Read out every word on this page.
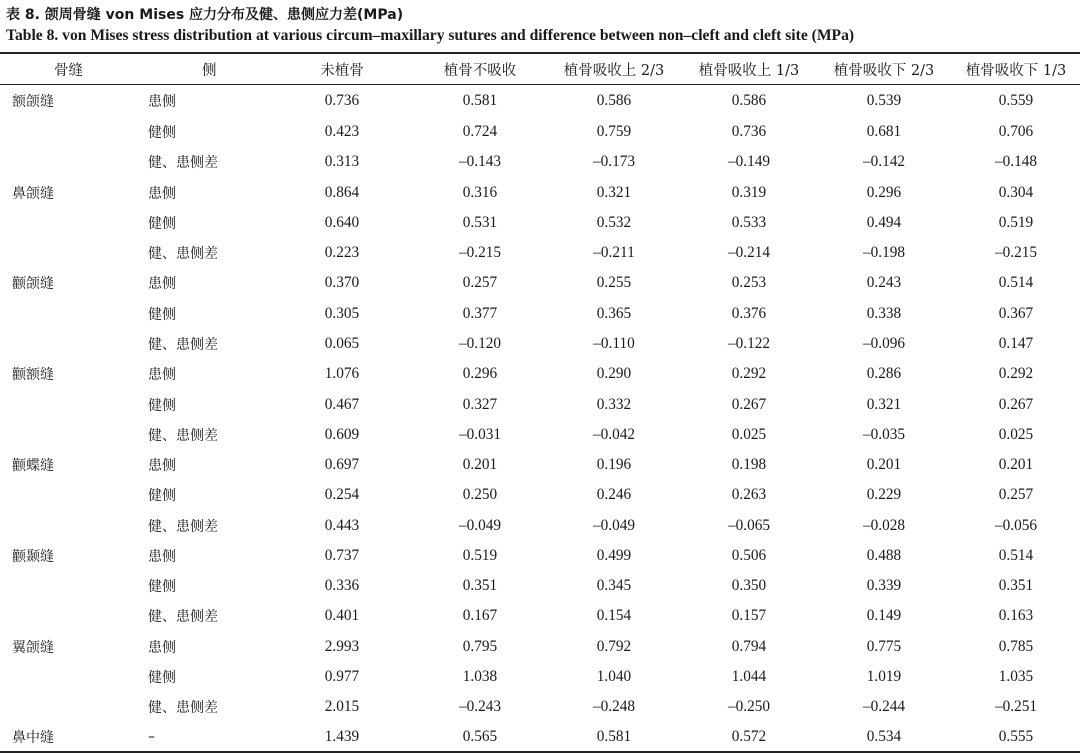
表 8. 颌周骨缝 von Mises 应力分布及健、患侧应力差(MPa)
Table 8. von Mises stress distribution at various circum–maxillary sutures and difference between non–cleft and cleft site (MPa)
骨缝	侧	未植骨	植骨不吸收	植骨吸收上 2/3	植骨吸收上 1/3	植骨吸收下 2/3	植骨吸收下 1/3
额颌缝	患侧	0.736	0.581	0.586	0.586	0.539	0.559
	健侧	0.423	0.724	0.759	0.736	0.681	0.706
	健、患侧差	0.313	–0.143	–0.173	–0.149	–0.142	–0.148
鼻颌缝	患侧	0.864	0.316	0.321	0.319	0.296	0.304
	健侧	0.640	0.531	0.532	0.533	0.494	0.519
	健、患侧差	0.223	–0.215	–0.211	–0.214	–0.198	–0.215
颧颌缝	患侧	0.370	0.257	0.255	0.253	0.243	0.514
	健侧	0.305	0.377	0.365	0.376	0.338	0.367
	健、患侧差	0.065	–0.120	–0.110	–0.122	–0.096	0.147
颧额缝	患侧	1.076	0.296	0.290	0.292	0.286	0.292
	健侧	0.467	0.327	0.332	0.267	0.321	0.267
	健、患侧差	0.609	–0.031	–0.042	0.025	–0.035	0.025
颧蝶缝	患侧	0.697	0.201	0.196	0.198	0.201	0.201
	健侧	0.254	0.250	0.246	0.263	0.229	0.257
	健、患侧差	0.443	–0.049	–0.049	–0.065	–0.028	–0.056
颧颞缝	患侧	0.737	0.519	0.499	0.506	0.488	0.514
	健侧	0.336	0.351	0.345	0.350	0.339	0.351
	健、患侧差	0.401	0.167	0.154	0.157	0.149	0.163
翼颌缝	患侧	2.993	0.795	0.792	0.794	0.775	0.785
	健侧	0.977	1.038	1.040	1.044	1.019	1.035
	健、患侧差	2.015	–0.243	–0.248	–0.250	–0.244	–0.251
鼻中缝	–	1.439	0.565	0.581	0.572	0.534	0.555
